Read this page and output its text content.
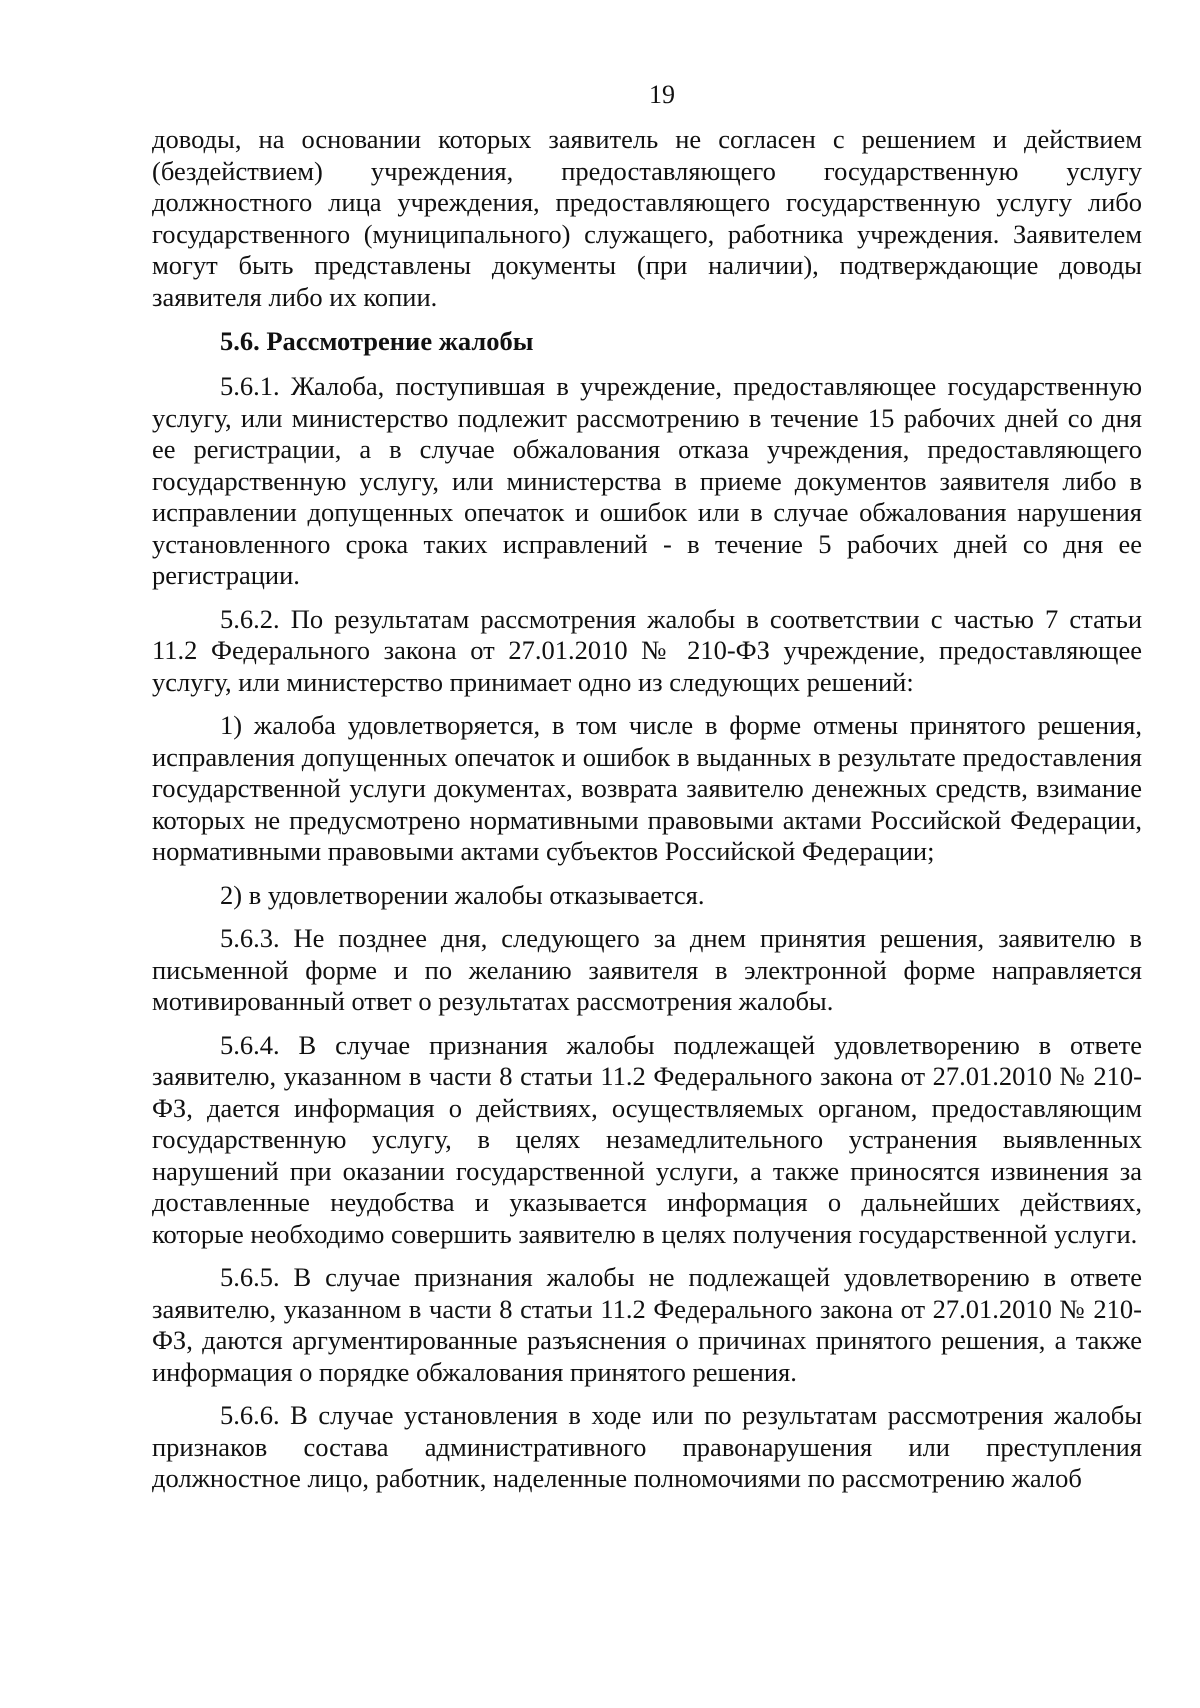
19

доводы, на основании которых заявитель не согласен с решением и действием (бездействием) учреждения, предоставляющего государственную услугу должностного лица учреждения, предоставляющего государственную услугу либо государственного (муниципального) служащего, работника учреждения. Заявителем могут быть представлены документы (при наличии), подтверждающие доводы заявителя либо их копии.

5.6. Рассмотрение жалобы

5.6.1. Жалоба, поступившая в учреждение, предоставляющее государственную услугу, или министерство подлежит рассмотрению в течение 15 рабочих дней со дня ее регистрации, а в случае обжалования отказа учреждения, предоставляющего государственную услугу, или министерства в приеме документов заявителя либо в исправлении допущенных опечаток и ошибок или в случае обжалования нарушения установленного срока таких исправлений - в течение 5 рабочих дней со дня ее регистрации.

5.6.2. По результатам рассмотрения жалобы в соответствии с частью 7 статьи 11.2 Федерального закона от 27.01.2010 № 210-ФЗ учреждение, предоставляющее услугу, или министерство принимает одно из следующих решений:

1) жалоба удовлетворяется, в том числе в форме отмены принятого решения, исправления допущенных опечаток и ошибок в выданных в результате предоставления государственной услуги документах, возврата заявителю денежных средств, взимание которых не предусмотрено нормативными правовыми актами Российской Федерации, нормативными правовыми актами субъектов Российской Федерации;

2) в удовлетворении жалобы отказывается.

5.6.3. Не позднее дня, следующего за днем принятия решения, заявителю в письменной форме и по желанию заявителя в электронной форме направляется мотивированный ответ о результатах рассмотрения жалобы.

5.6.4. В случае признания жалобы подлежащей удовлетворению в ответе заявителю, указанном в части 8 статьи 11.2 Федерального закона от 27.01.2010 № 210-ФЗ, дается информация о действиях, осуществляемых органом, предоставляющим государственную услугу, в целях незамедлительного устранения выявленных нарушений при оказании государственной услуги, а также приносятся извинения за доставленные неудобства и указывается информация о дальнейших действиях, которые необходимо совершить заявителю в целях получения государственной услуги.

5.6.5. В случае признания жалобы не подлежащей удовлетворению в ответе заявителю, указанном в части 8 статьи 11.2 Федерального закона от 27.01.2010 № 210-ФЗ, даются аргументированные разъяснения о причинах принятого решения, а также информация о порядке обжалования принятого решения.

5.6.6. В случае установления в ходе или по результатам рассмотрения жалобы признаков состава административного правонарушения или преступления должностное лицо, работник, наделенные полномочиями по рассмотрению жалоб
